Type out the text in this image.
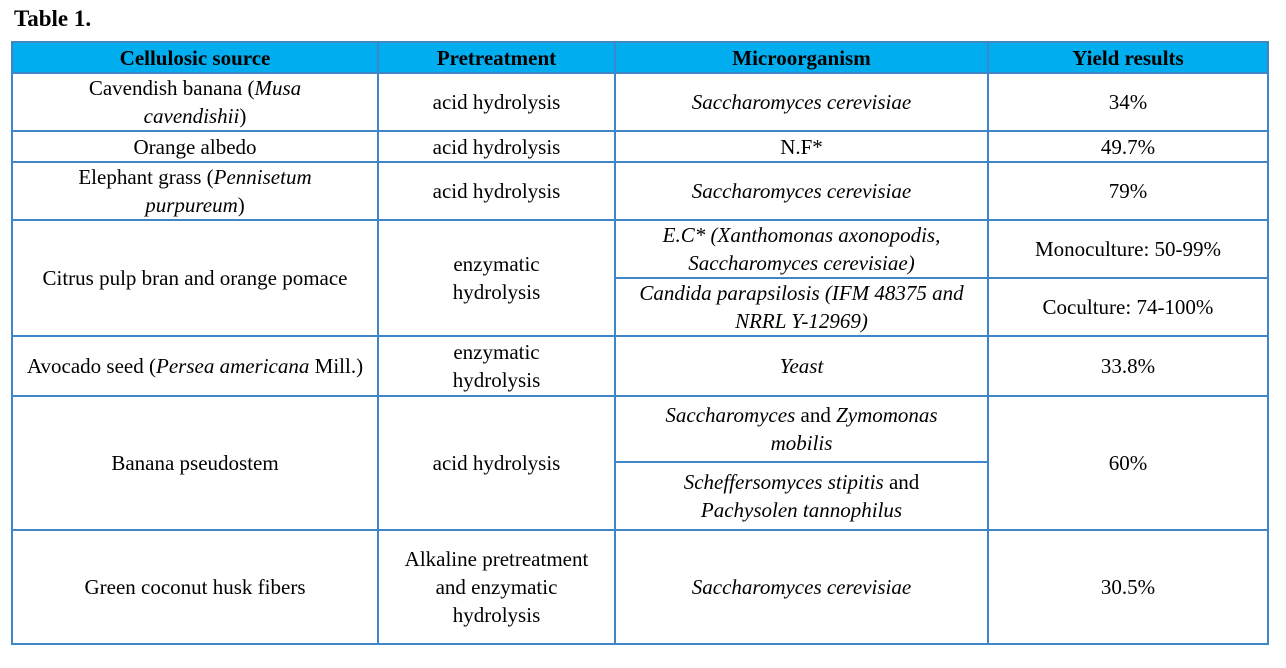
Table 1.
Cellulosic source	Pretreatment	Microorganism	Yield results
Cavendish banana (Musa cavendishii)	acid hydrolysis	Saccharomyces cerevisiae	34%
Orange albedo	acid hydrolysis	N.F*	49.7%
Elephant grass (Pennisetum purpureum)	acid hydrolysis	Saccharomyces cerevisiae	79%
Citrus pulp bran and orange pomace	enzymatic hydrolysis	E.C* (Xanthomonas axonopodis, Saccharomyces cerevisiae)	Monoculture: 50-99%
		Candida parapsilosis (IFM 48375 and NRRL Y-12969)	Coculture: 74-100%
Avocado seed (Persea americana Mill.)	enzymatic hydrolysis	Yeast	33.8%
Banana pseudostem	acid hydrolysis	Saccharomyces and Zymomonas mobilis	60%
		Scheffersomyces stipitis and Pachysolen tannophilus	
Green coconut husk fibers	Alkaline pretreatment and enzymatic hydrolysis	Saccharomyces cerevisiae	30.5%
